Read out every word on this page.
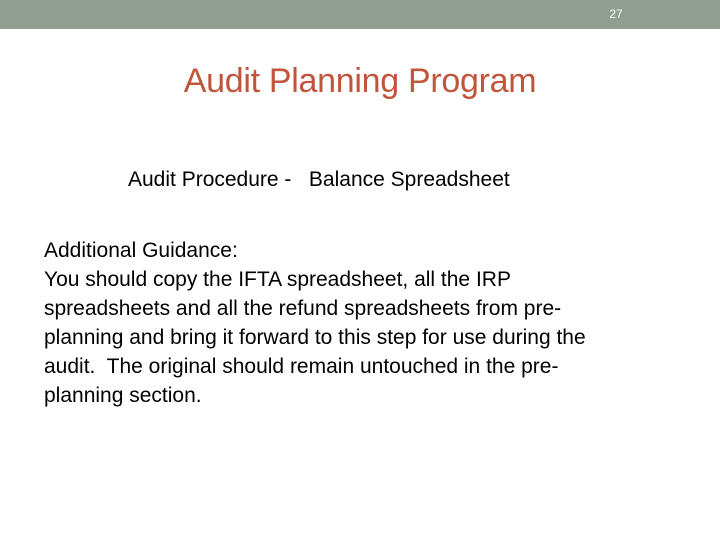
27
Audit Planning Program
Audit Procedure -   Balance Spreadsheet
Additional Guidance:
You should copy the IFTA spreadsheet, all the IRP
spreadsheets and all the refund spreadsheets from pre-
planning and bring it forward to this step for use during the
audit.  The original should remain untouched in the pre-
planning section.
